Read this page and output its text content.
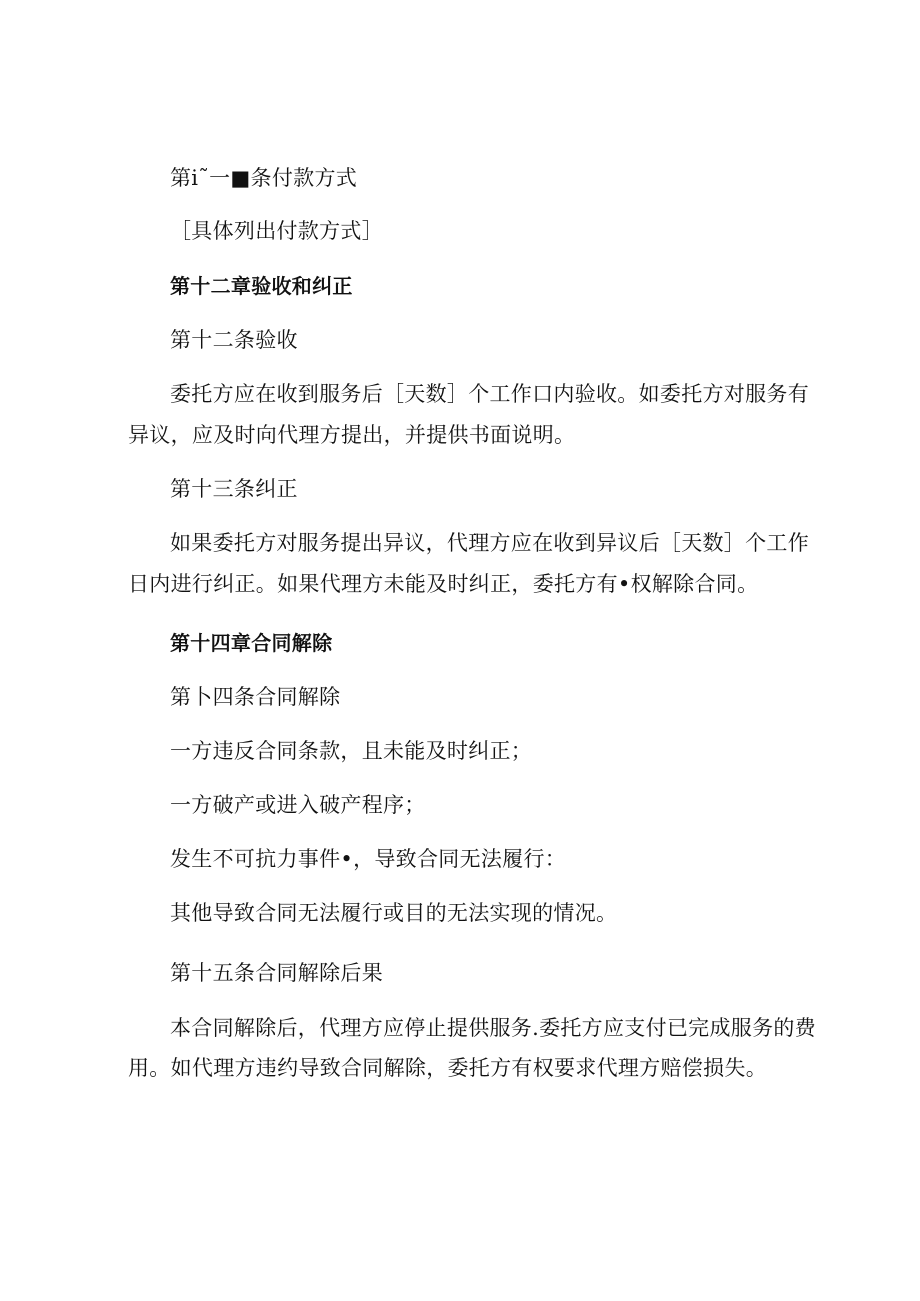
第i˜一■条付款方式
［具体列出付款方式］
第十二章验收和纠正
第十二条验收
委托方应在收到服务后［天数］个工作口内验收。如委托方对服务有
异议，应及时向代理方提出，并提供书面说明。
第十三条纠正
如果委托方对服务提出异议，代理方应在收到异议后［天数］个工作
日内进行纠正。如果代理方未能及时纠正，委托方有•权解除合同。
第十四章合同解除
第卜四条合同解除
一方违反合同条款，且未能及时纠正；
一方破产或进入破产程序；
发生不可抗力事件•，导致合同无法履行：
其他导致合同无法履行或目的无法实现的情况。
第十五条合同解除后果
本合同解除后，代理方应停止提供服务.委托方应支付已完成服务的费
用。如代理方违约导致合同解除，委托方有权要求代理方赔偿损失。
